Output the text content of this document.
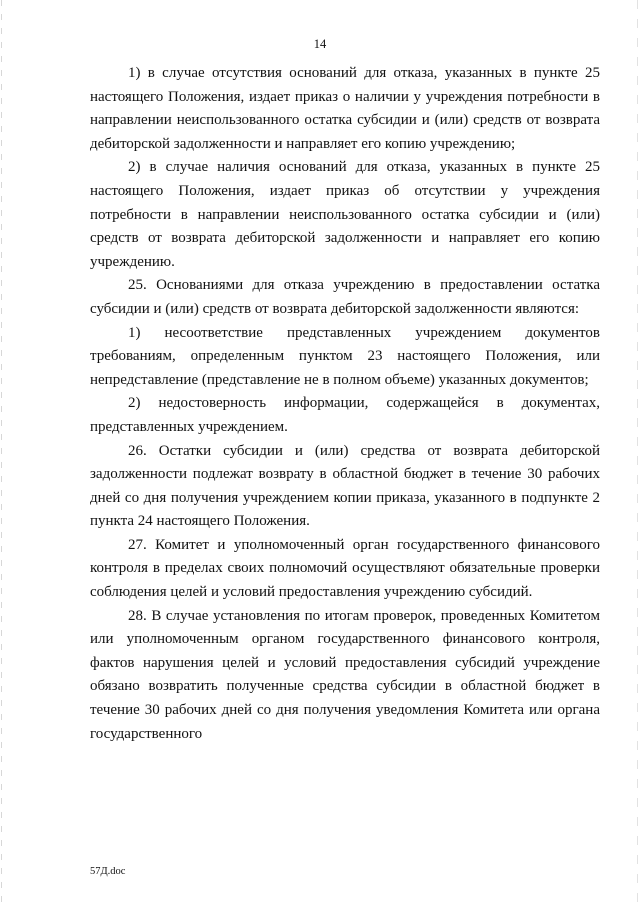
14

1) в случае отсутствия оснований для отказа, указанных в пункте 25 настоящего Положения, издает приказ о наличии у учреждения потребности в направлении неиспользованного остатка субсидии и (или) средств от возврата дебиторской задолженности и направляет его копию учреждению;

2) в случае наличия оснований для отказа, указанных в пункте 25 настоящего Положения, издает приказ об отсутствии у учреждения потребности в направлении неиспользованного остатка субсидии и (или) средств от возврата дебиторской задолженности и направляет его копию учреждению.

25. Основаниями для отказа учреждению в предоставлении остатка субсидии и (или) средств от возврата дебиторской задолженности являются:

1) несоответствие представленных учреждением документов требованиям, определенным пунктом 23 настоящего Положения, или непредставление (представление не в полном объеме) указанных документов;

2) недостоверность информации, содержащейся в документах, представленных учреждением.

26. Остатки субсидии и (или) средства от возврата дебиторской задолженности подлежат возврату в областной бюджет в течение 30 рабочих дней со дня получения учреждением копии приказа, указанного в подпункте 2 пункта 24 настоящего Положения.

27. Комитет и уполномоченный орган государственного финансового контроля в пределах своих полномочий осуществляют обязательные проверки соблюдения целей и условий предоставления учреждению субсидий.

28. В случае установления по итогам проверок, проведенных Комитетом или уполномоченным органом государственного финансового контроля, фактов нарушения целей и условий предоставления субсидий учреждение обязано возвратить полученные средства субсидии в областной бюджет в течение 30 рабочих дней со дня получения уведомления Комитета или органа государственного

57Д.doc
